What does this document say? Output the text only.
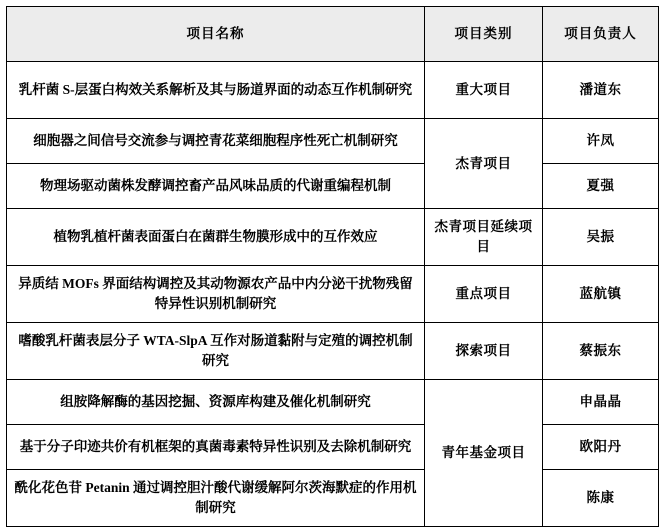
项目名称	项目类别	项目负责人
乳杆菌 S-层蛋白构效关系解析及其与肠道界面的动态互作机制研究	重大项目	潘道东
细胞器之间信号交流参与调控青花菜细胞程序性死亡机制研究	杰青项目	许凤
物理场驱动菌株发酵调控畜产品风味品质的代谢重编程机制		夏强
植物乳植杆菌表面蛋白在菌群生物膜形成中的互作效应	杰青项目延续项目	吴振
异质结 MOFs 界面结构调控及其动物源农产品中内分泌干扰物残留特异性识别机制研究	重点项目	蓝航镇
嗜酸乳杆菌表层分子 WTA-SlpA 互作对肠道黏附与定殖的调控机制研究	探索项目	蔡振东
组胺降解酶的基因挖掘、资源库构建及催化机制研究	青年基金项目	申晶晶
基于分子印迹共价有机框架的真菌毒素特异性识别及去除机制研究		欧阳丹
酰化花色苷 Petanin 通过调控胆汁酸代谢缓解阿尔茨海默症的作用机制研究		陈康
